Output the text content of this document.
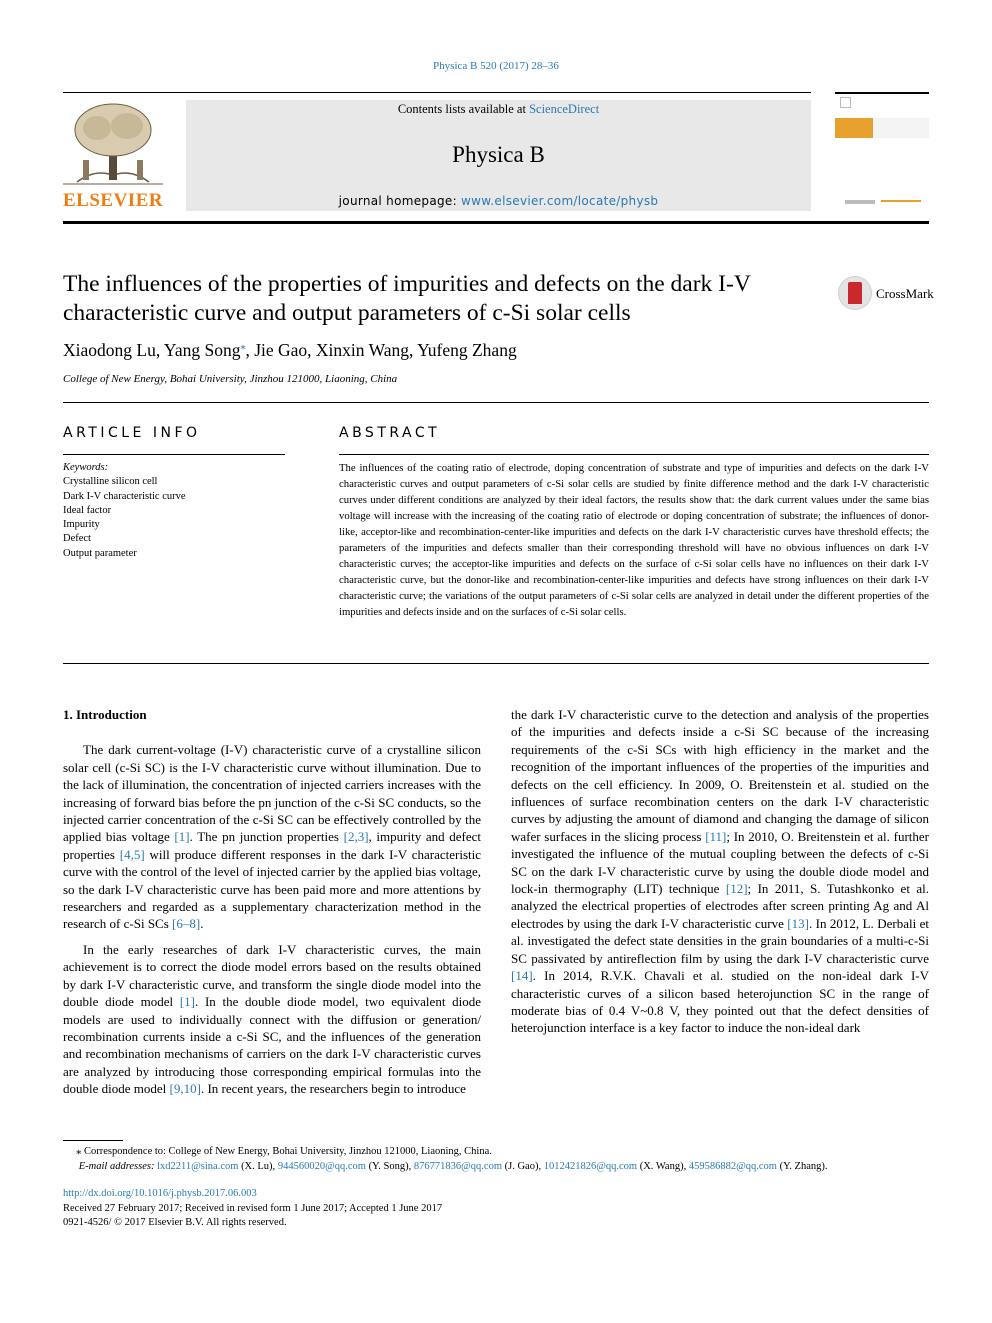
Physica B 520 (2017) 28–36
ELSEVIER
Contents lists available at ScienceDirect
Physica B
journal homepage: www.elsevier.com/locate/physb
The influences of the properties of impurities and defects on the dark I-V characteristic curve and output parameters of c-Si solar cells
CrossMark
Xiaodong Lu, Yang Song⁎, Jie Gao, Xinxin Wang, Yufeng Zhang
College of New Energy, Bohai University, Jinzhou 121000, Liaoning, China
ARTICLE INFO
Keywords:
Crystalline silicon cell
Dark I-V characteristic curve
Ideal factor
Impurity
Defect
Output parameter
ABSTRACT
The influences of the coating ratio of electrode, doping concentration of substrate and type of impurities and defects on the dark I-V characteristic curves and output parameters of c-Si solar cells are studied by finite difference method and the dark I-V characteristic curves under different conditions are analyzed by their ideal factors, the results show that: the dark current values under the same bias voltage will increase with the increasing of the coating ratio of electrode or doping concentration of substrate; the influences of donor-like, acceptor-like and recombination-center-like impurities and defects on the dark I-V characteristic curves have threshold effects; the parameters of the impurities and defects smaller than their corresponding threshold will have no obvious influences on dark I-V characteristic curves; the acceptor-like impurities and defects on the surface of c-Si solar cells have no influences on their dark I-V characteristic curve, but the donor-like and recombination-center-like impurities and defects have strong influences on their dark I-V characteristic curve; the variations of the output parameters of c-Si solar cells are analyzed in detail under the different properties of the impurities and defects inside and on the surfaces of c-Si solar cells.
1. Introduction

The dark current-voltage (I-V) characteristic curve of a crystalline silicon solar cell (c-Si SC) is the I-V characteristic curve without illumination. Due to the lack of illumination, the concentration of injected carriers increases with the increasing of forward bias before the pn junction of the c-Si SC conducts, so the injected carrier concentration of the c-Si SC can be effectively controlled by the applied bias voltage [1]. The pn junction properties [2,3], impurity and defect properties [4,5] will produce different responses in the dark I-V characteristic curve with the control of the level of injected carrier by the applied bias voltage, so the dark I-V characteristic curve has been paid more and more attentions by researchers and regarded as a supplementary characterization method in the research of c-Si SCs [6–8].

In the early researches of dark I-V characteristic curves, the main achievement is to correct the diode model errors based on the results obtained by dark I-V characteristic curve, and transform the single diode model into the double diode model [1]. In the double diode model, two equivalent diode models are used to individually connect with the diffusion or generation/ recombination currents inside a c-Si SC, and the influences of the generation and recombination mechanisms of carriers on the dark I-V characteristic curves are analyzed by introducing those corresponding empirical formulas into the double diode model [9,10]. In recent years, the researchers begin to introduce

the dark I-V characteristic curve to the detection and analysis of the properties of the impurities and defects inside a c-Si SC because of the increasing requirements of the c-Si SCs with high efficiency in the market and the recognition of the important influences of the properties of the impurities and defects on the cell efficiency. In 2009, O. Breitenstein et al. studied on the influences of surface recombination centers on the dark I-V characteristic curves by adjusting the amount of diamond and changing the damage of silicon wafer surfaces in the slicing process [11]; In 2010, O. Breitenstein et al. further investigated the influence of the mutual coupling between the defects of c-Si SC on the dark I-V characteristic curve by using the double diode model and lock-in thermography (LIT) technique [12]; In 2011, S. Tutashkonko et al. analyzed the electrical properties of electrodes after screen printing Ag and Al electrodes by using the dark I-V characteristic curve [13]. In 2012, L. Derbali et al. investigated the defect state densities in the grain boundaries of a multi-c-Si SC passivated by antireflection film by using the dark I-V characteristic curve [14]. In 2014, R.V.K. Chavali et al. studied on the non-ideal dark I-V characteristic curves of a silicon based heterojunction SC in the range of moderate bias of 0.4 V~0.8 V, they pointed out that the defect densities of heterojunction interface is a key factor to induce the non-ideal dark

⁎ Correspondence to: College of New Energy, Bohai University, Jinzhou 121000, Liaoning, China.
E-mail addresses: lxd2211@sina.com (X. Lu), 944560020@qq.com (Y. Song), 876771836@qq.com (J. Gao), 1012421826@qq.com (X. Wang), 459586882@qq.com (Y. Zhang).
http://dx.doi.org/10.1016/j.physb.2017.06.003
Received 27 February 2017; Received in revised form 1 June 2017; Accepted 1 June 2017
0921-4526/ © 2017 Elsevier B.V. All rights reserved.
